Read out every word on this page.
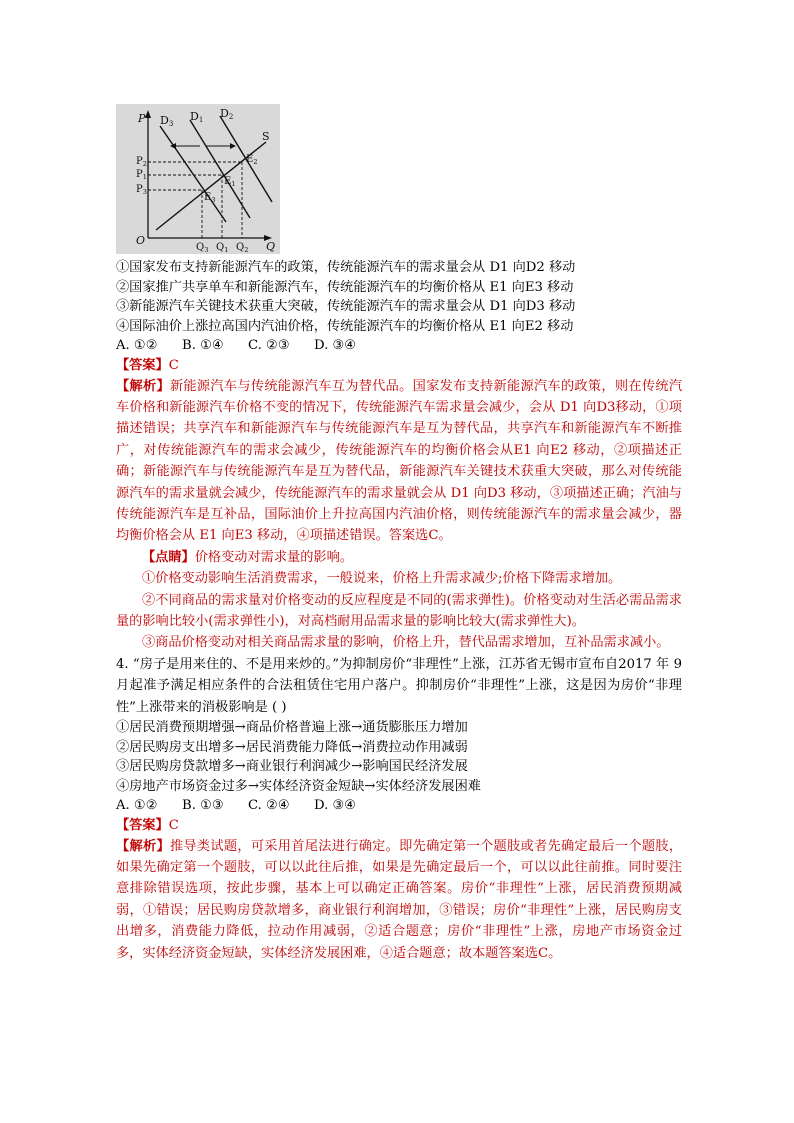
P
Q
O
D3
D1 D2
S
$P_2$
$P_1$
$P_3$
$E_2$
$E_1$
$E_3$
$Q_3$ $Q_1$ $Q_2$
①国家发布支持新能源汽车的政策，传统能源汽车的需求量会从 D1 向D2 移动
②国家推广共享单车和新能源汽车，传统能源汽车的均衡价格从 E1 向E3 移动
③新能源汽车关键技术获重大突破，传统能源汽车的需求量会从 D1 向D3 移动
④国际油价上涨拉高国内汽油价格，传统能源汽车的均衡价格从 E1 向E2 移动
A. ①②	B. ①④	C. ②③	D. ③④
【答案】C
【解析】新能源汽车与传统能源汽车互为替代品。国家发布支持新能源汽车的政策，则在传统汽车价格和新能源汽车价格不变的情况下，传统能源汽车需求量会减少，会从 D1 向D3移动，①项描述错误；共享汽车和新能源汽车与传统能源汽车是互为替代品，共享汽车和新能源汽车不断推广，对传统能源汽车的需求会减少，传统能源汽车的均衡价格会从E1 向E2 移动，②项描述正确；新能源汽车与传统能源汽车是互为替代品，新能源汽车关键技术获重大突破，那么对传统能源汽车的需求量就会减少，传统能源汽车的需求量就会从 D1 向D3 移动，③项描述正确；汽油与传统能源汽车是互补品，国际油价上升拉高国内汽油价格，则传统能源汽车的需求量会减少，器均衡价格会从 E1 向E3 移动，④项描述错误。答案选C。
【点睛】价格变动对需求量的影响。
①价格变动影响生活消费需求，一般说来，价格上升需求减少;价格下降需求增加。
②不同商品的需求量对价格变动的反应程度是不同的(需求弹性)。价格变动对生活必需品需求量的影响比较小(需求弹性小)，对高档耐用品需求量的影响比较大(需求弹性大)。
③商品价格变动对相关商品需求量的影响，价格上升，替代品需求增加，互补品需求减小。
4. “房子是用来住的、不是用来炒的。”为抑制房价“非理性”上涨，江苏省无锡市宣布自2017 年 9 月起准予满足相应条件的合法租赁住宅用户落户。抑制房价“非理性”上涨，这是因为房价“非理性”上涨带来的消极影响是 ( )
①居民消费预期增强→商品价格普遍上涨→通货膨胀压力增加
②居民购房支出增多→居民消费能力降低→消费拉动作用减弱
③居民购房贷款增多→商业银行利润减少→影响国民经济发展
④房地产市场资金过多→实体经济资金短缺→实体经济发展困难
A. ①②	B. ①③	C. ②④	D. ③④
【答案】C
【解析】推导类试题，可采用首尾法进行确定。即先确定第一个题肢或者先确定最后一个题肢，如果先确定第一个题肢，可以以此往后推，如果是先确定最后一个，可以以此往前推。同时要注意排除错误选项，按此步骤，基本上可以确定正确答案。房价“非理性”上涨，居民消费预期减弱，①错误；居民购房贷款增多，商业银行利润增加，③错误；房价“非理性”上涨，居民购房支出增多，消费能力降低，拉动作用减弱，②适合题意；房价“非理性”上涨，房地产市场资金过多，实体经济资金短缺，实体经济发展困难，④适合题意；故本题答案选C。
